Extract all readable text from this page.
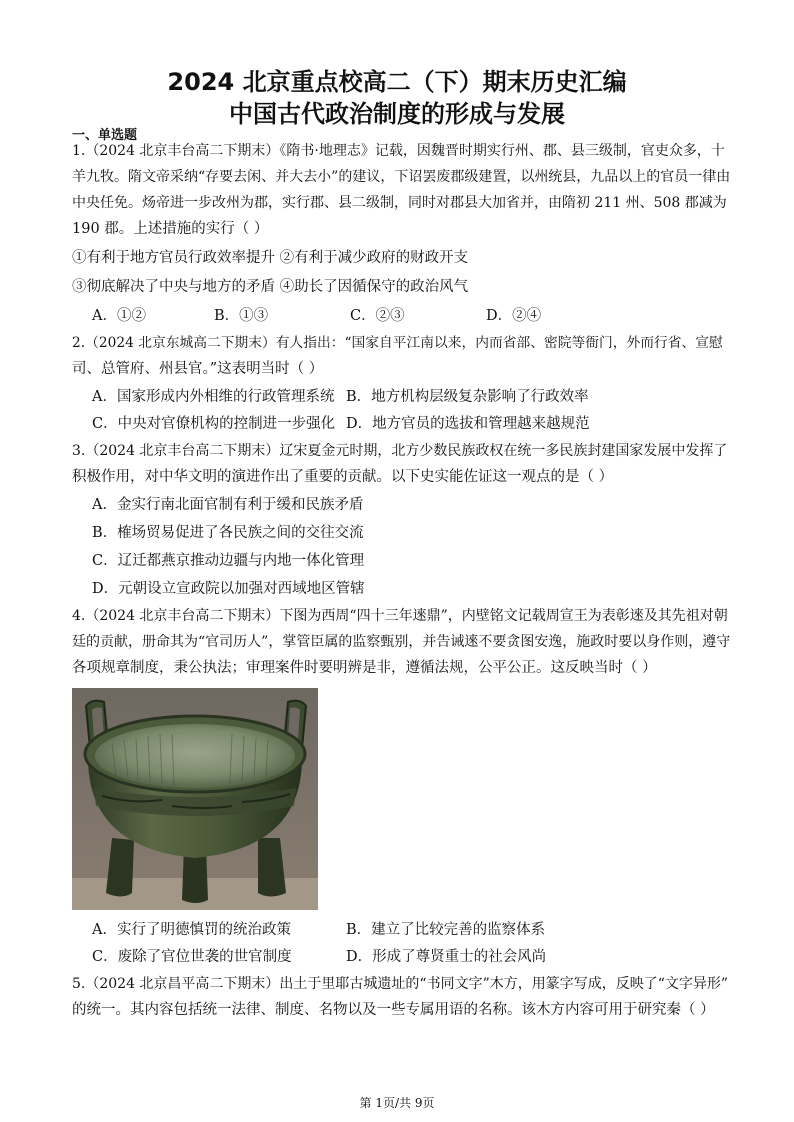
2024 北京重点校高二（下）期末历史汇编
中国古代政治制度的形成与发展
一、单选题
1.（2024 北京丰台高二下期末）《隋书·地理志》记载，因魏晋时期实行州、郡、县三级制，官吏众多，十
羊九牧。隋文帝采纳“存要去闲、并大去小”的建议，下诏罢废郡级建置，以州统县，九品以上的官员一律由
中央任免。炀帝进一步改州为郡，实行郡、县二级制，同时对郡县大加省并，由隋初 211 州、508 郡减为
190 郡。上述措施的实行（ ）
①有利于地方官员行政效率提升 ②有利于减少政府的财政开支
③彻底解决了中央与地方的矛盾 ④助长了因循保守的政治风气
A．①②	B．①③	C．②③	D．②④
2.（2024 北京东城高二下期末）有人指出：“国家自平江南以来，内而省部、密院等衙门，外而行省、宣慰
司、总管府、州县官。”这表明当时（ ）
A．国家形成内外相维的行政管理系统 B．地方机构层级复杂影响了行政效率
C．中央对官僚机构的控制进一步强化 D．地方官员的选拔和管理越来越规范
3.（2024 北京丰台高二下期末）辽宋夏金元时期，北方少数民族政权在统一多民族封建国家发展中发挥了
积极作用，对中华文明的演进作出了重要的贡献。以下史实能佐证这一观点的是（ ）
A．金实行南北面官制有利于缓和民族矛盾
B．榷场贸易促进了各民族之间的交往交流
C．辽迁都燕京推动边疆与内地一体化管理
D．元朝设立宣政院以加强对西域地区管辖
4.（2024 北京丰台高二下期末）下图为西周“四十三年逨鼎”，内壁铭文记载周宣王为表彰逨及其先祖对朝
廷的贡献，册命其为“官司历人”，掌管臣属的监察甄别，并告诫逨不要贪图安逸，施政时要以身作则，遵守
各项规章制度，秉公执法；审理案件时要明辨是非，遵循法规，公平公正。这反映当时（ ）
A．实行了明德慎罚的统治政策	B．建立了比较完善的监察体系
C．废除了官位世袭的世官制度	D．形成了尊贤重士的社会风尚
5.（2024 北京昌平高二下期末）出土于里耶古城遗址的“书同文字”木方，用篆字写成，反映了“文字异形”
的统一。其内容包括统一法律、制度、名物以及一些专属用语的名称。该木方内容可用于研究秦（ ）
第 1页/共 9页
